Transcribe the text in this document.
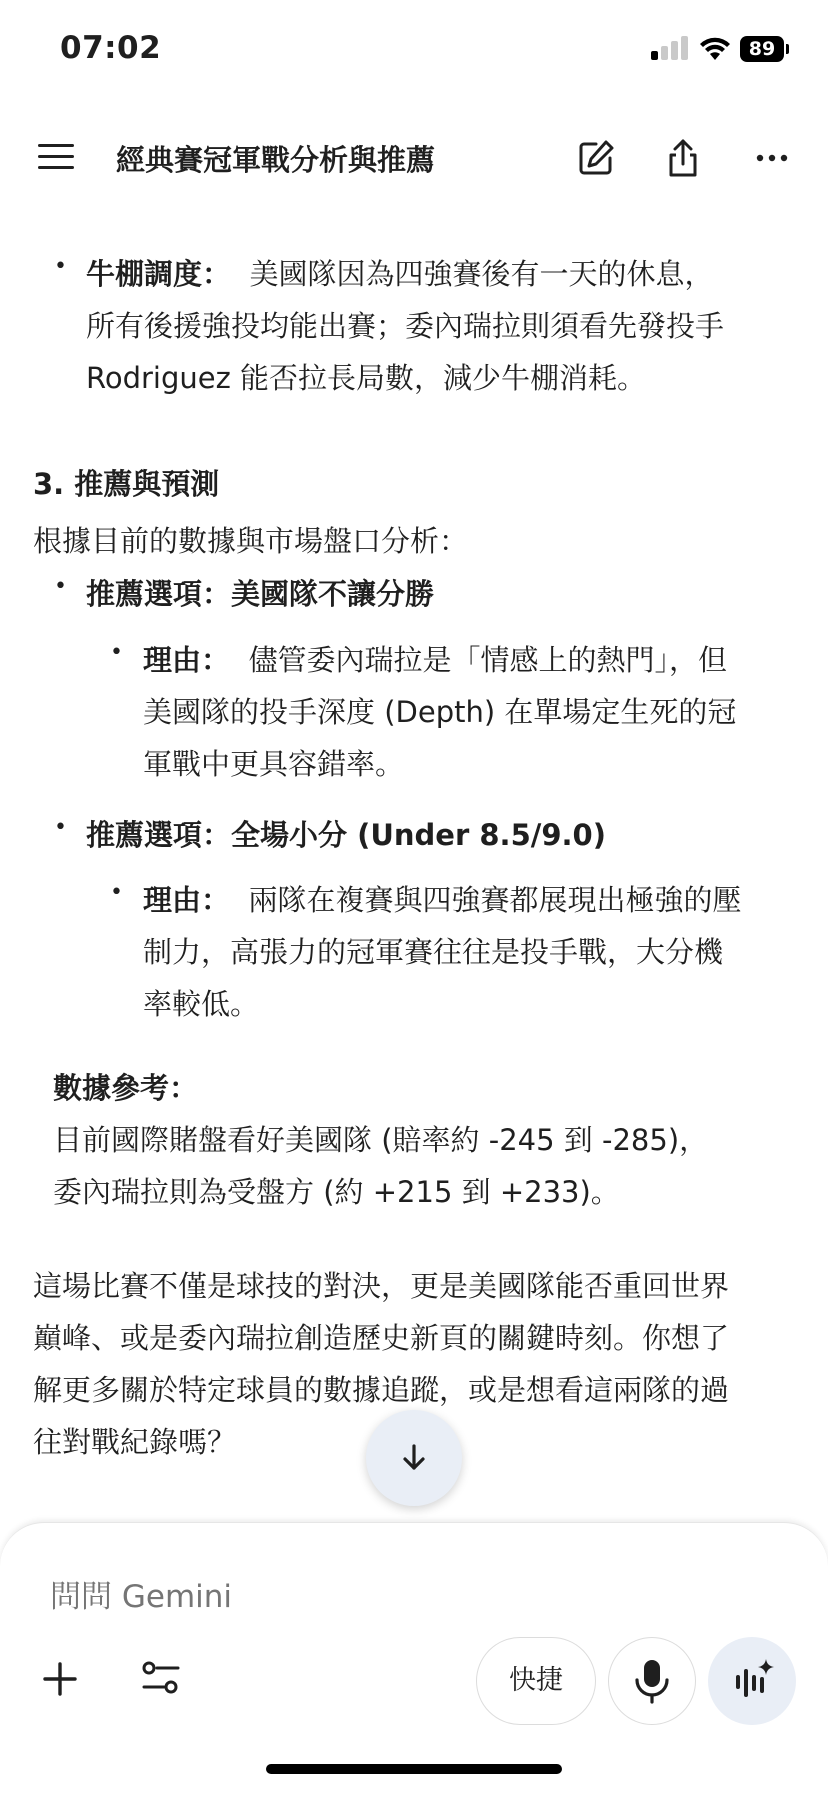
07:02	89
經典賽冠軍戰分析與推薦
• 牛棚調度： 美國隊因為四強賽後有一天的休息，
所有後援強投均能出賽；委內瑞拉則須看先發投手
Rodriguez 能否拉長局數，減少牛棚消耗。
3. 推薦與預測
根據目前的數據與市場盤口分析：
• 推薦選項：美國隊不讓分勝
• 理由： 儘管委內瑞拉是「情感上的熱門」，但
美國隊的投手深度 (Depth) 在單場定生死的冠
軍戰中更具容錯率。
• 推薦選項：全場小分 (Under 8.5/9.0)
• 理由： 兩隊在複賽與四強賽都展現出極強的壓
制力，高張力的冠軍賽往往是投手戰，大分機
率較低。
數據參考：
目前國際賭盤看好美國隊 (賠率約 -245 到 -285)，
委內瑞拉則為受盤方 (約 +215 到 +233)。
這場比賽不僅是球技的對決，更是美國隊能否重回世界
巔峰、或是委內瑞拉創造歷史新頁的關鍵時刻。你想了
解更多關於特定球員的數據追蹤，或是想看這兩隊的過
往對戰紀錄嗎？
問問 Gemini
快捷
